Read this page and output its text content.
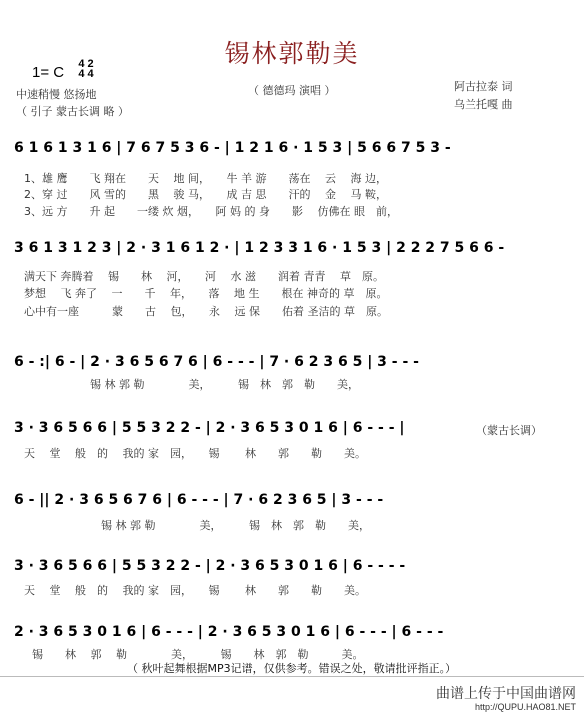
锡林郭勒美
1= C	4 2
4 4
中速稍慢 悠扬地
（ 引子 蒙古长调 略 ）
（ 德德玛 演唱 ）	阿古拉泰 词
乌兰托嘎 曲
6 1 6 1 3 1 6 | 7 6 7 5 3 6 - | 1 2 1 6 · 1 5 3 | 5 6 6 7 5 3 -
1、雄 鹰　　飞 翔在　　天　 地 间，　　牛 羊 游　　荡在　 云　 海 边，
2、穿 过　　风 雪的　　黑　 骏 马，　　成 吉 思　　汗的　 金　 马 鞍，
3、远 方　　升 起　　一缕 炊 烟，　　阿 妈 的 身　　影　 仿佛在 眼　前，
3 6 1 3 1 2 3 | 2 · 3 1 6 1 2 · | 1 2 3 3 1 6 · 1 5 3 | 2 2 2 7 5 6 6 -
满天下 奔腾着　 锡　　林　 河，　　河　 水 滋　　润着 青青　 草　原。
梦想　 飞 奔了　 一　　千　 年，　　落　 地 生　　根在 神奇的 草　原。
心中有一座　　　蒙　　古　 包，　　永　 远 保　　佑着 圣洁的 草　原。
6 - :| 6 - | 2 · 3 6 5 6 7 6 | 6 - - - | 7 · 6 2 3 6 5 | 3 - - -
　　　　　　锡 林 郭 勒　　　　美，　　　锡　林　郭　勒　　美，
3 · 3 6 5 6 6 | 5 5 3 2 2 - | 2 · 3 6 5 3 0 1 6 | 6 - - - |	（蒙古长调）
天　 堂　 般　的　 我的 家　园，　　锡　　 林　　郭　　勒　　美。
6 - || 2 · 3 6 5 6 7 6 | 6 - - - | 7 · 6 2 3 6 5 | 3 - - -
　　　　　　　锡 林 郭 勒　　　　美，　　　锡　林　郭　勒　　美，
3 · 3 6 5 6 6 | 5 5 3 2 2 - | 2 · 3 6 5 3 0 1 6 | 6 - - - -
天　 堂　 般　的　 我的 家　园，　　锡　　 林　　郭　　勒　　美。
2 · 3 6 5 3 0 1 6 | 6 - - - | 2 · 3 6 5 3 0 1 6 | 6 - - - | 6 - - -
锡　　林　 郭　 勒　　　　美，　　　锡　　林　郭　勒　　　美。
（ 秋叶起舞根据MP3记谱，仅供参考。错误之处，敬请批评指正。）
曲谱上传于中国曲谱网
http://QUPU.HAO81.NET
